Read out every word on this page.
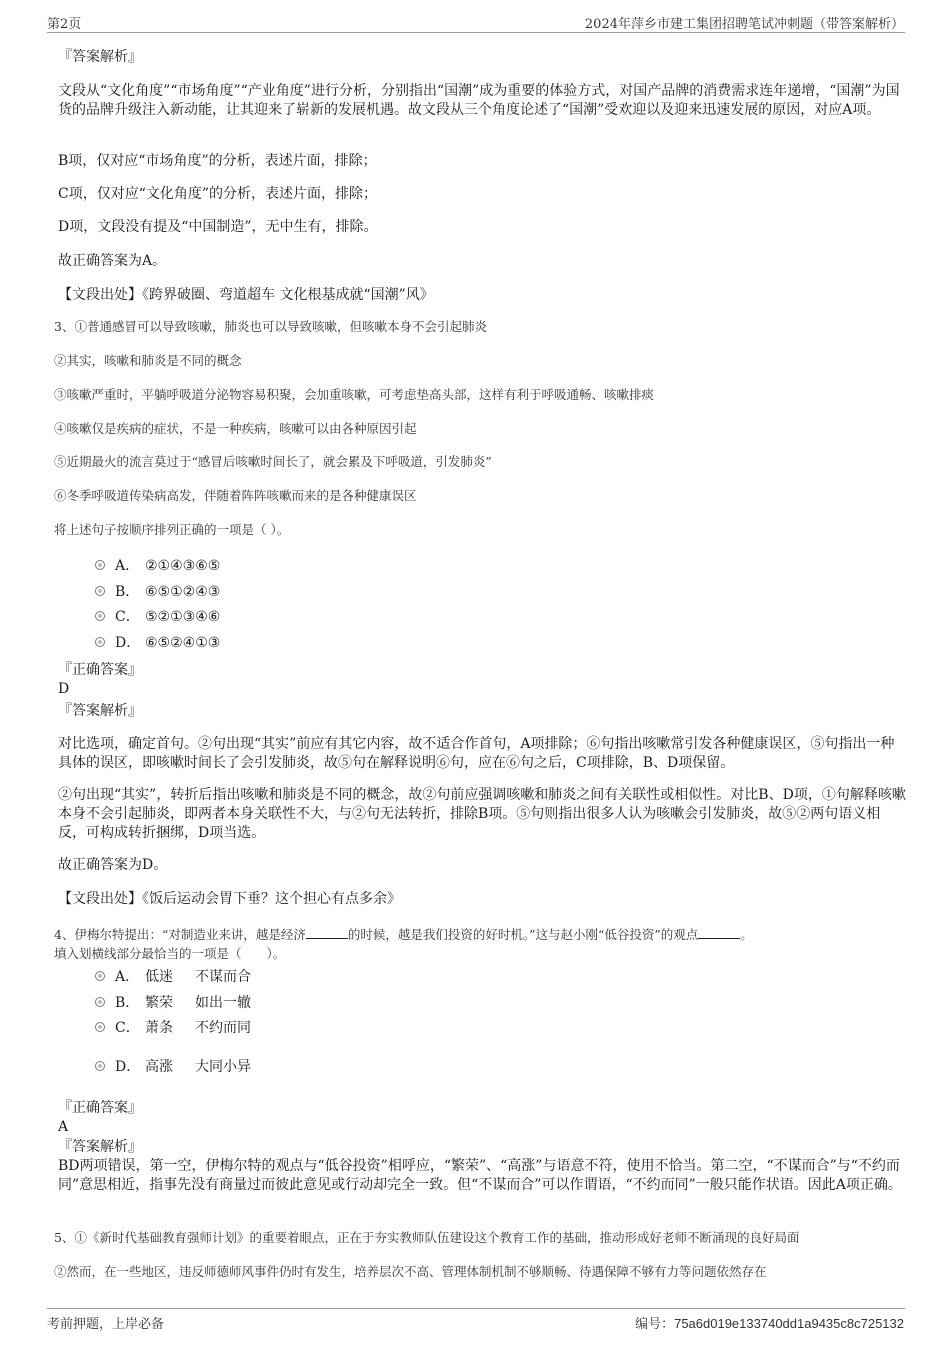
第2页	2024年萍乡市建工集团招聘笔试冲刺题（带答案解析）
『答案解析』
文段从“文化角度”“市场角度”“产业角度”进行分析，分别指出“国潮”成为重要的体验方式，对国产品牌的消费需求连年递增，“国潮”为国货的品牌升级注入新动能，让其迎来了崭新的发展机遇。故文段从三个角度论述了“国潮”受欢迎以及迎来迅速发展的原因，对应A项。
B项，仅对应“市场角度”的分析，表述片面，排除；
C项，仅对应“文化角度”的分析，表述片面，排除；
D项，文段没有提及“中国制造”，无中生有，排除。
故正确答案为A。
【文段出处】《跨界破圈、弯道超车 文化根基成就“国潮”风》
3、①普通感冒可以导致咳嗽，肺炎也可以导致咳嗽，但咳嗽本身不会引起肺炎
②其实，咳嗽和肺炎是不同的概念
③咳嗽严重时，平躺呼吸道分泌物容易积聚，会加重咳嗽，可考虑垫高头部，这样有利于呼吸通畅、咳嗽排痰
④咳嗽仅是疾病的症状，不是一种疾病，咳嗽可以由各种原因引起
⑤近期最火的流言莫过于“感冒后咳嗽时间长了，就会累及下呼吸道，引发肺炎”
⑥冬季呼吸道传染病高发，伴随着阵阵咳嗽而来的是各种健康误区
将上述句子按顺序排列正确的一项是（ ）。
A． ②①④③⑥⑤
B． ⑥⑤①②④③
C． ⑤②①③④⑥
D． ⑥⑤②④①③
『正确答案』
D
『答案解析』
对比选项，确定首句。②句出现“其实”前应有其它内容，故不适合作首句，A项排除；⑥句指出咳嗽常引发各种健康误区，⑤句指出一种具体的误区，即咳嗽时间长了会引发肺炎，故⑤句在解释说明⑥句，应在⑥句之后，C项排除，B、D项保留。
②句出现“其实”，转折后指出咳嗽和肺炎是不同的概念，故②句前应强调咳嗽和肺炎之间有关联性或相似性。对比B、D项，①句解释咳嗽本身不会引起肺炎，即两者本身关联性不大，与②句无法转折，排除B项。⑤句则指出很多人认为咳嗽会引发肺炎，故⑤②两句语义相反，可构成转折捆绑，D项当选。
故正确答案为D。
【文段出处】《饭后运动会胃下垂？这个担心有点多余》
4、伊梅尔特提出：“对制造业来讲，越是经济	的时候，越是我们投资的好时机。”这与赵小刚“低谷投资”的观点	。
填入划横线部分最恰当的一项是（　　）。
A． 低迷 不谋而合
B． 繁荣 如出一辙
C． 萧条 不约而同
D． 高涨 大同小异
『正确答案』
A
『答案解析』
BD两项错误，第一空，伊梅尔特的观点与“低谷投资”相呼应，“繁荣”、“高涨”与语意不符，使用不恰当。第二空，“不谋而合”与“不约而同”意思相近，指事先没有商量过而彼此意见或行动却完全一致。但“不谋而合”可以作谓语，“不约而同”一般只能作状语。因此A项正确。
5、①《新时代基础教育强师计划》的重要着眼点，正在于夯实教师队伍建设这个教育工作的基础，推动形成好老师不断涌现的良好局面
②然而，在一些地区，违反师德师风事件仍时有发生，培养层次不高、管理体制机制不够顺畅、待遇保障不够有力等问题依然存在
考前押题，上岸必备	编号：75a6d019e133740dd1a9435c8c725132
